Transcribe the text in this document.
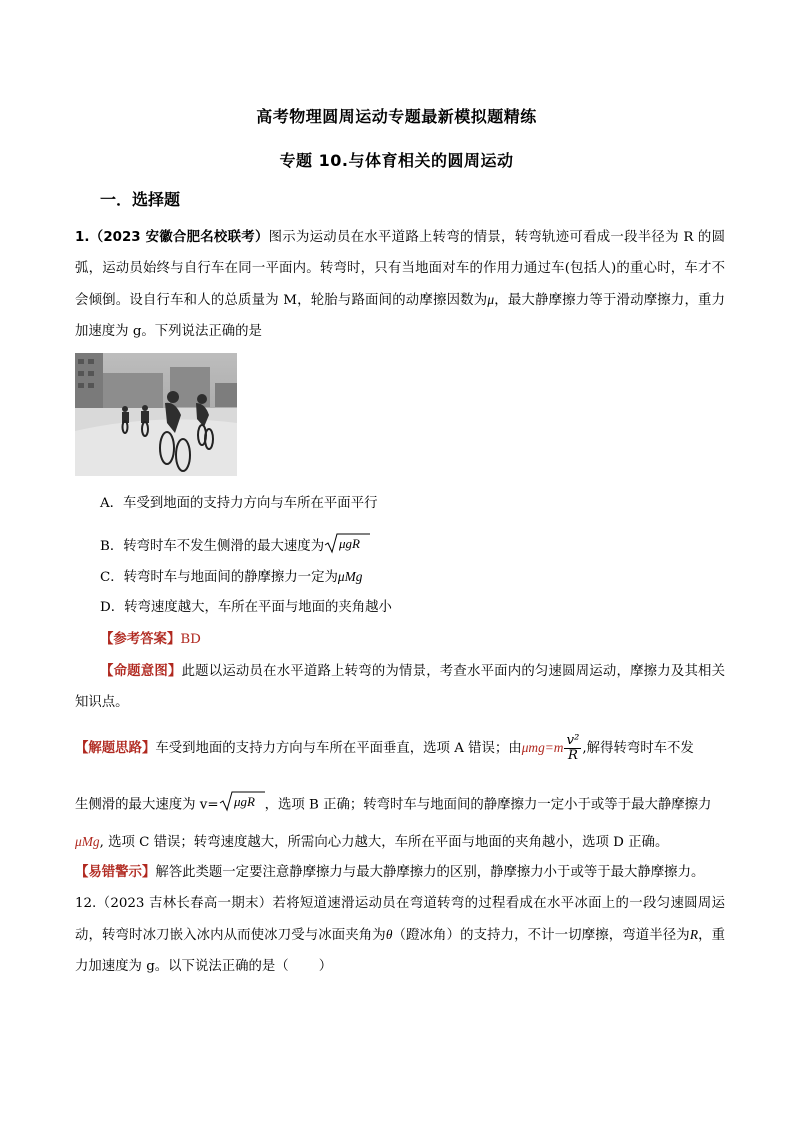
高考物理圆周运动专题最新模拟题精练
专题 10.与体育相关的圆周运动
一．选择题
1.（2023 安徽合肥名校联考）图示为运动员在水平道路上转弯的情景，转弯轨迹可看成一段半径为 R 的圆弧，运动员始终与自行车在同一平面内。转弯时，只有当地面对车的作用力通过车(包括人)的重心时，车才不会倾倒。设自行车和人的总质量为 M，轮胎与路面间的动摩擦因数为μ，最大静摩擦力等于滑动摩擦力，重力加速度为 g。下列说法正确的是
A．车受到地面的支持力方向与车所在平面平行
B．转弯时车不发生侧滑的最大速度为 μgR
C．转弯时车与地面间的静摩擦力一定为μMg
D．转弯速度越大，车所在平面与地面的夹角越小
【参考答案】BD
【命题意图】此题以运动员在水平道路上转弯的为情景，考查水平面内的匀速圆周运动，摩擦力及其相关知识点。
【解题思路】车受到地面的支持力方向与车所在平面垂直，选项 A 错误；由$\mu mg=m \frac{\text{v²}}{R}$ ,解得转弯时车不发
生侧滑的最大速度为 v= μgR ，选项 B 正确；转弯时车与地面间的静摩擦力一定小于或等于最大静摩擦力
μMg, 选项 C 错误；转弯速度越大，所需向心力越大，车所在平面与地面的夹角越小，选项 D 正确。
【易错警示】解答此类题一定要注意静摩擦力与最大静摩擦力的区别，静摩擦力小于或等于最大静摩擦力。
12.（2023 吉林长春高一期末）若将短道速滑运动员在弯道转弯的过程看成在水平冰面上的一段匀速圆周运动，转弯时冰刀嵌入冰内从而使冰刀受与冰面夹角为θ（蹬冰角）的支持力，不计一切摩擦，弯道半径为R，重力加速度为 g。以下说法正确的是（ ）
